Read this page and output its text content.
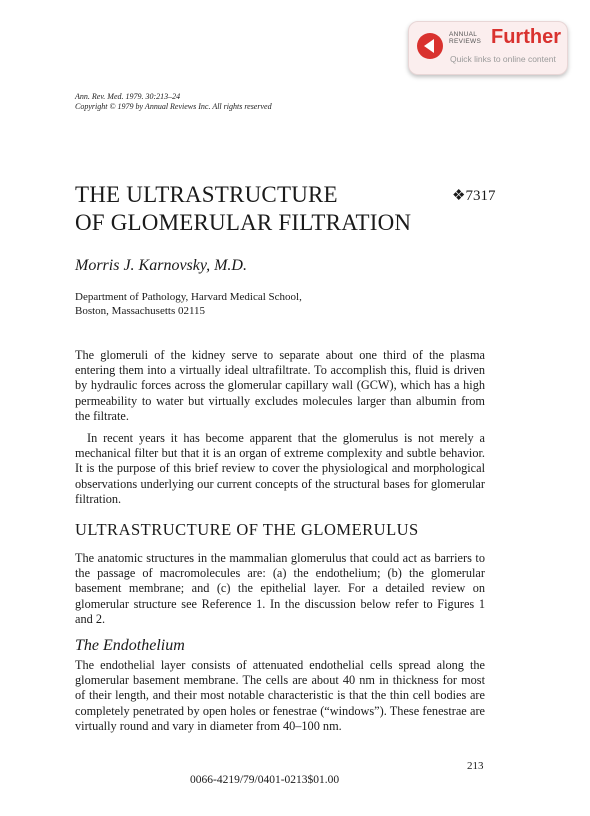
ANNUAL
REVIEWS Further
Quick links to online content
Ann. Rev. Med. 1979. 30:213–24
Copyright © 1979 by Annual Reviews Inc. All rights reserved
THE ULTRASTRUCTURE
OF GLOMERULAR FILTRATION
❖7317
Morris J. Karnovsky, M.D.
Department of Pathology, Harvard Medical School,
Boston, Massachusetts 02115

The glomeruli of the kidney serve to separate about one third of the plasma entering them into a virtually ideal ultrafiltrate. To accomplish this, fluid is driven by hydraulic forces across the glomerular capillary wall (GCW), which has a high permeability to water but virtually excludes molecules larger than albumin from the filtrate.

In recent years it has become apparent that the glomerulus is not merely a mechanical filter but that it is an organ of extreme complexity and subtle behavior. It is the purpose of this brief review to cover the physiological and morphological observations underlying our current concepts of the structural bases for glomerular filtration.

ULTRASTRUCTURE OF THE GLOMERULUS

The anatomic structures in the mammalian glomerulus that could act as barriers to the passage of macromolecules are: (a) the endothelium; (b) the glomerular basement membrane; and (c) the epithelial layer. For a detailed review on glomerular structure see Reference 1. In the discussion below refer to Figures 1 and 2.

The Endothelium

The endothelial layer consists of attenuated endothelial cells spread along the glomerular basement membrane. The cells are about 40 nm in thickness for most of their length, and their most notable characteristic is that the thin cell bodies are completely penetrated by open holes or fenestrae (“windows”). These fenestrae are virtually round and vary in diameter from 40–100 nm.

213
0066-4219/79/0401-0213$01.00
